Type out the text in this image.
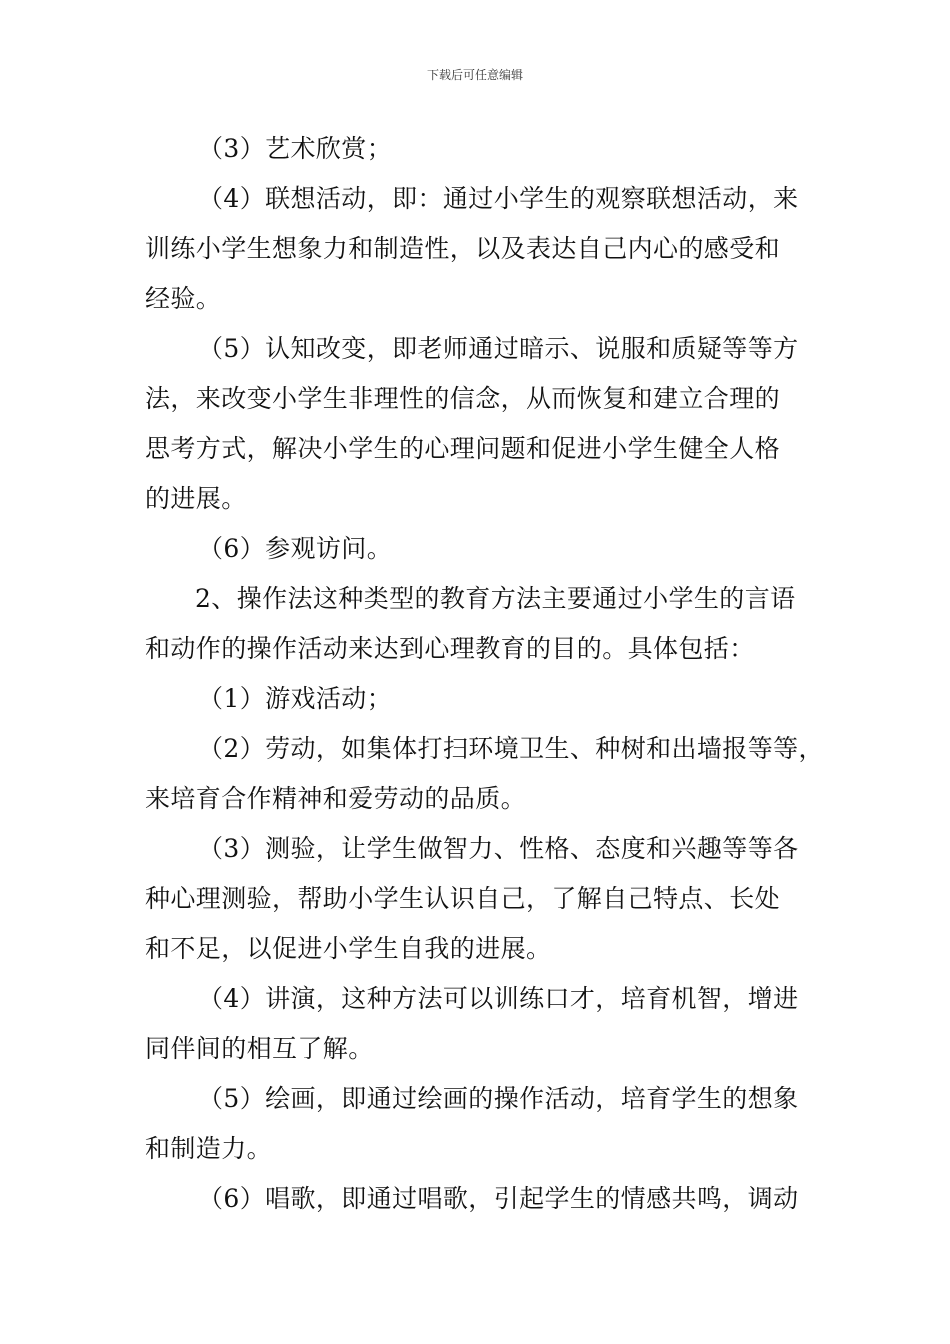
下载后可任意编辑
（3）艺术欣赏；
（4）联想活动，即：通过小学生的观察联想活动，来
训练小学生想象力和制造性，以及表达自己内心的感受和
经验。
（5）认知改变，即老师通过暗示、说服和质疑等等方
法，来改变小学生非理性的信念，从而恢复和建立合理的
思考方式，解决小学生的心理问题和促进小学生健全人格
的进展。
（6）参观访问。
2、操作法这种类型的教育方法主要通过小学生的言语
和动作的操作活动来达到心理教育的目的。具体包括：
（1）游戏活动；
（2）劳动，如集体打扫环境卫生、种树和出墙报等等，
来培育合作精神和爱劳动的品质。
（3）测验，让学生做智力、性格、态度和兴趣等等各
种心理测验，帮助小学生认识自己，了解自己特点、长处
和不足，以促进小学生自我的进展。
（4）讲演，这种方法可以训练口才，培育机智，增进
同伴间的相互了解。
（5）绘画，即通过绘画的操作活动，培育学生的想象
和制造力。
（6）唱歌，即通过唱歌，引起学生的情感共鸣，调动
